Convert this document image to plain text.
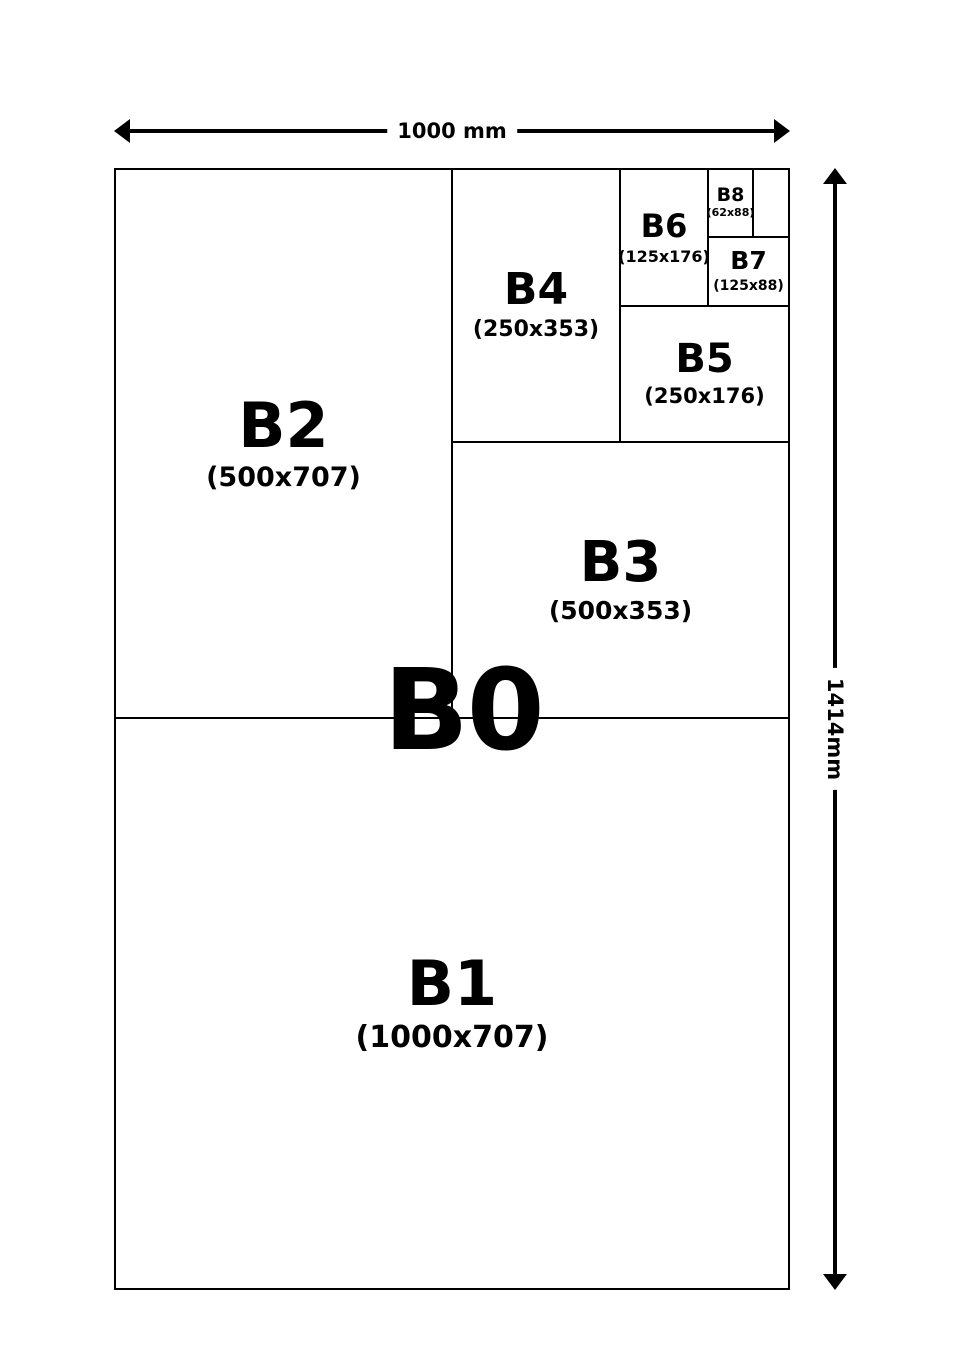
1000 mm
1414mm
B2
(500x707)
B1
(1000x707)
B3
(500x353)
B4
(250x353)
B5
(250x176)
B6
(125x176) B7
(125x88)
B8
(62x88)
B0
